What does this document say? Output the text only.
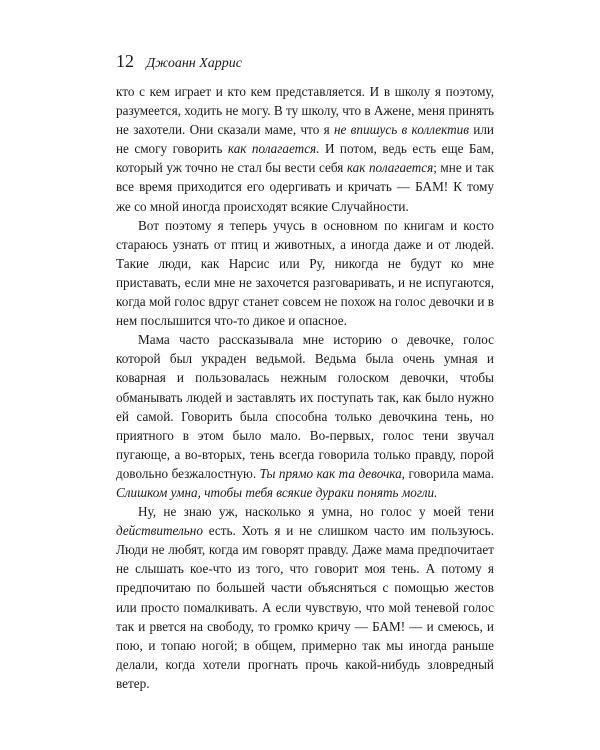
12 Джоанн Харрис

кто с кем играет и кто кем представляется. И в школу я поэтому, разумеется, ходить не могу. В ту школу, что в Ажене, меня принять не захотели. Они сказали маме, что я не впишусь в коллектив или не смогу говорить как полагается. И потом, ведь есть еще Бам, который уж точно не стал бы вести себя как полагается; мне и так все время приходится его одергивать и кричать — БАМ! К тому же со мной иногда происходят всякие Случайности.

Вот поэтому я теперь учусь в основном по книгам и косто стараюсь узнать от птиц и животных, а иногда даже и от людей. Такие люди, как Нарсис или Ру, никогда не будут ко мне приставать, если мне не захочется разговаривать, и не испугаются, когда мой голос вдруг станет совсем не похож на голос девочки и в нем послышится что-то дикое и опасное.

Мама часто рассказывала мне историю о девочке, голос которой был украден ведьмой. Ведьма была очень умная и коварная и пользовалась нежным голоском девочки, чтобы обманывать людей и заставлять их поступать так, как было нужно ей самой. Говорить была способна только девочкина тень, но приятного в этом было мало. Во-первых, голос тени звучал пугающе, а во-вторых, тень всегда говорила только правду, порой довольно безжалостную. Ты прямо как та девочка, говорила мама. Слишком умна, чтобы тебя всякие дураки понять могли.

Ну, не знаю уж, насколько я умна, но голос у моей тени действительно есть. Хоть я и не слишком часто им пользуюсь. Люди не любят, когда им говорят правду. Даже мама предпочитает не слышать кое-что из того, что говорит моя тень. А потому я предпочитаю по большей части объясняться с помощью жестов или просто помалкивать. А если чувствую, что мой теневой голос так и рвется на свободу, то громко кричу — БАМ! — и смеюсь, и пою, и топаю ногой; в общем, примерно так мы иногда раньше делали, когда хотели прогнать прочь какой-нибудь зловредный ветер.
